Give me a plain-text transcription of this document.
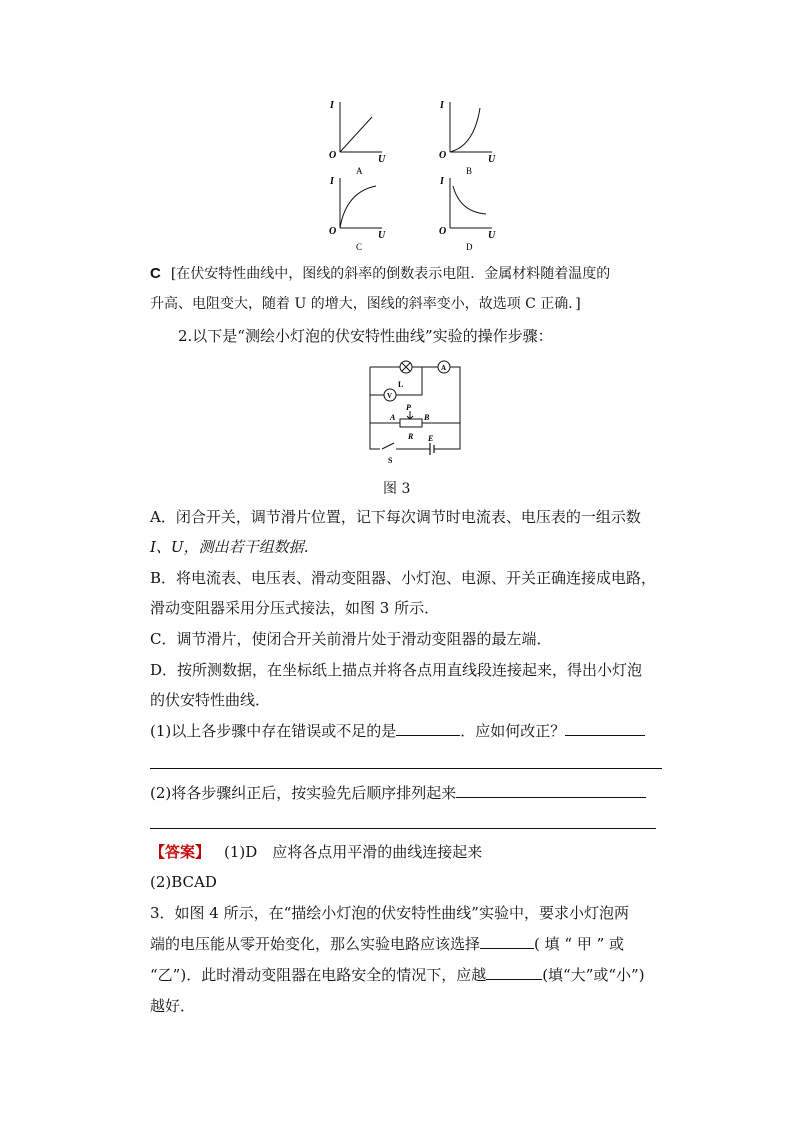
I
O	U
A
I
O	U
B
I
O	U
C
I
O	U
D
C [在伏安特性曲线中，图线的斜率的倒数表示电阻．金属材料随着温度的
升高、电阻变大，随着 U 的增大，图线的斜率变小，故选项 C 正确．]
2.以下是“测绘小灯泡的伏安特性曲线”实验的操作步骤：
A
V
L
P
A	B
R E
S
图 3
A．闭合开关，调节滑片位置，记下每次调节时电流表、电压表的一组示数
I、U，测出若干组数据．
B．将电流表、电压表、滑动变阻器、小灯泡、电源、开关正确连接成电路，
滑动变阻器采用分压式接法，如图 3 所示．
C．调节滑片，使闭合开关前滑片处于滑动变阻器的最左端．
D．按所测数据，在坐标纸上描点并将各点用直线段连接起来，得出小灯泡
的伏安特性曲线．
(1)以上各步骤中存在错误或不足的是	．应如何改正？
(2)将各步骤纠正后，按实验先后顺序排列起来
【答案】 (1)D　应将各点用平滑的曲线连接起来
(2)BCAD
3．如图 4 所示，在“描绘小灯泡的伏安特性曲线”实验中，要求小灯泡两
端的电压能从零开始变化，那么实验电路应该选择	( 填 “ 甲 ” 或
“乙”)．此时滑动变阻器在电路安全的情况下，应越	(填“大”或“小”)
越好．
